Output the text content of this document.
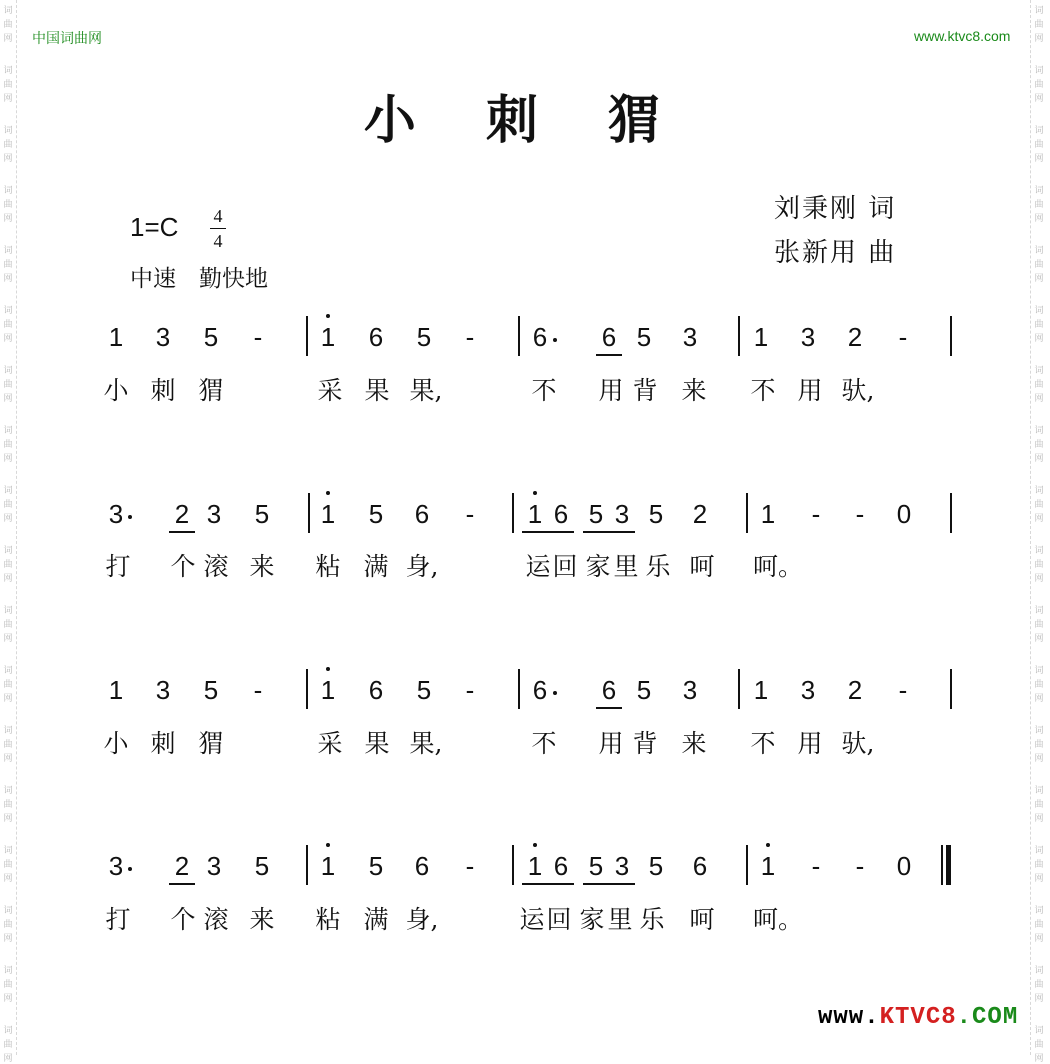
词
曲
网
词
曲
网
词
曲
网
词
曲
网
词
曲
网
词
曲
网
词
曲
网
词
曲
网
词
曲
网
词
曲
网
词
曲
网
词
曲
网
词
曲
网
词
曲
网
词
曲
网
词
曲
网
词
曲
网
词
曲
网
词
曲
网
词
曲
网
词
曲
网
词
曲
网
词
曲
网
词
曲
网
词
曲
网
词
曲
网
词
曲
网
词
曲
网
词
曲
网
词
曲
网
词
曲
网
词
曲
网
词
曲
网
词
曲
网
词
曲
网
词
曲
网
中国词曲网	www.ktvc8.com
小 刺 猬
1=C	4
4
中速　勤快地
刘秉刚 词
张新用 曲
1 3 5	-	1 6 5	-	6 6 5 3 1 3 2	-
小 刺 猬	采 果 果,	不 用 背 来 不 用 驮,
3 2 3 5 1 5 6	-	1 6 5 3 5 2 1	-	-	0
打 个 滚 来 粘 满 身,	运 回 家 里 乐 呵 呵。
1 3 5	-	1 6 5	-	6 6 5 3 1 3 2	-
小 刺 猬	采 果 果,	不 用 背 来 不 用 驮,
3 2 3 5 1 5 6	-	1 6 5 3 5 6 1	-	-	0
打 个 滚 来 粘 满 身,	运 回 家 里 乐 呵 呵。
www.KTVC8.COM
